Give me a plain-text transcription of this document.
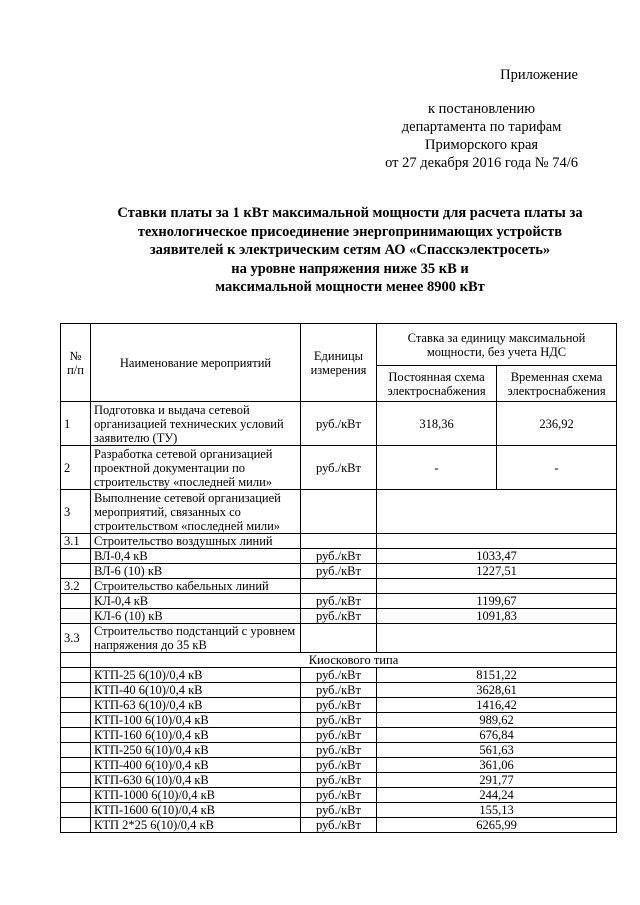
Приложение
к постановлению
департамента по тарифам
Приморского края
от 27 декабря 2016 года № 74/6
Ставки платы за 1 кВт максимальной мощности для расчета платы за
технологическое присоединение энергопринимающих устройств
заявителей к электрическим сетям АО «Спасскэлектросеть»
на уровне напряжения ниже 35 кВ и
максимальной мощности менее 8900 кВт
№ п/п	Наименование мероприятий	Единицы измерения	Ставка за единицу максимальной мощности, без учета НДС	
			Постоянная схема электроснабжения	Временная схема электроснабжения
1	Подготовка и выдача сетевой организацией технических условий заявителю (ТУ)	руб./кВт	318,36	236,92
2	Разработка сетевой организацией проектной документации по строительству «последней мили»	руб./кВт	-	-
3	Выполнение сетевой организацией мероприятий, связанных со строительством «последней мили»			
3.1	Строительство воздушных линий			
	ВЛ-0,4 кВ	руб./кВт	1033,47	
	ВЛ-6 (10) кВ	руб./кВт	1227,51	
3.2	Строительство кабельных линий			
	КЛ-0,4 кВ	руб./кВт	1199,67	
	КЛ-6 (10) кВ	руб./кВт	1091,83	
3.3	Строительство подстанций с уровнем напряжения до 35 кВ			
	Киоскового типа			
	КТП-25 6(10)/0,4 кВ	руб./кВт	8151,22	
	КТП-40 6(10)/0,4 кВ	руб./кВт	3628,61	
	КТП-63 6(10)/0,4 кВ	руб./кВт	1416,42	
	КТП-100 6(10)/0,4 кВ	руб./кВт	989,62	
	КТП-160 6(10)/0,4 кВ	руб./кВт	676,84	
	КТП-250 6(10)/0,4 кВ	руб./кВт	561,63	
	КТП-400 6(10)/0,4 кВ	руб./кВт	361,06	
	КТП-630 6(10)/0,4 кВ	руб./кВт	291,77	
	КТП-1000 6(10)/0,4 кВ	руб./кВт	244,24	
	КТП-1600 6(10)/0,4 кВ	руб./кВт	155,13	
	КТП 2*25 6(10)/0,4 кВ	руб./кВт	6265,99	
